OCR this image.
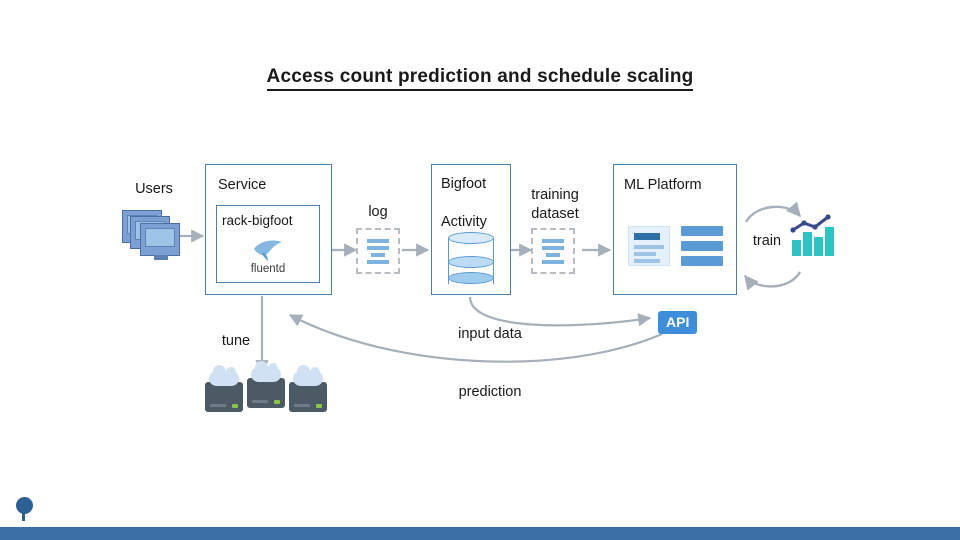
Access count prediction and schedule scaling
Users	Service
rack-bigfoot
fluentd
log
Bigfoot
Activity
training
dataset
ML Platform
train
API
tune	input data
prediction
